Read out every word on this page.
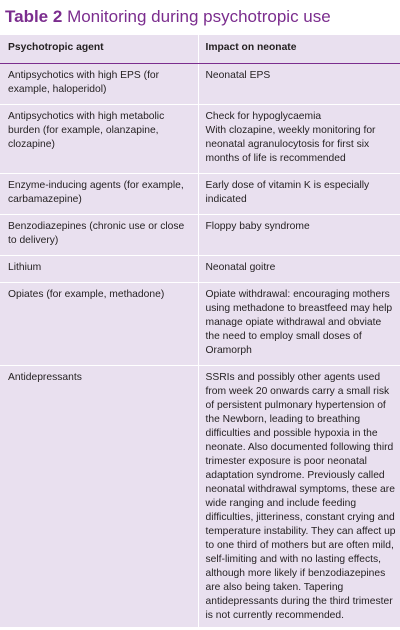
Table 2 Monitoring during psychotropic use
Psychotropic agent	Impact on neonate
Antipsychotics with high EPS (for example, haloperidol)	Neonatal EPS

Antipsychotics with high metabolic burden (for example, olanzapine, clozapine)	Check for hypoglycaemia
With clozapine, weekly monitoring for neonatal agranulocytosis for first six months of life is recommended

Enzyme-inducing agents (for example, carbamazepine)	Early dose of vitamin K is especially indicated

Benzodiazepines (chronic use or close to delivery)	Floppy baby syndrome

Lithium	Neonatal goitre

Opiates (for example, methadone)	Opiate withdrawal: encouraging mothers using methadone to breastfeed may help manage opiate withdrawal and obviate the need to employ small doses of Oramorph

Antidepressants	SSRIs and possibly other agents used from week 20 onwards carry a small risk of persistent pulmonary hypertension of the Newborn, leading to breathing difficulties and possible hypoxia in the neonate. Also documented following third trimester exposure is poor neonatal adaptation syndrome. Previously called neonatal withdrawal symptoms, these are wide ranging and include feeding difficulties, jitteriness, constant crying and temperature instability. They can affect up to one third of mothers but are often mild, self-limiting and with no lasting effects, although more likely if benzodiazepines are also being taken. Tapering antidepressants during the third trimester is not currently recommended.
